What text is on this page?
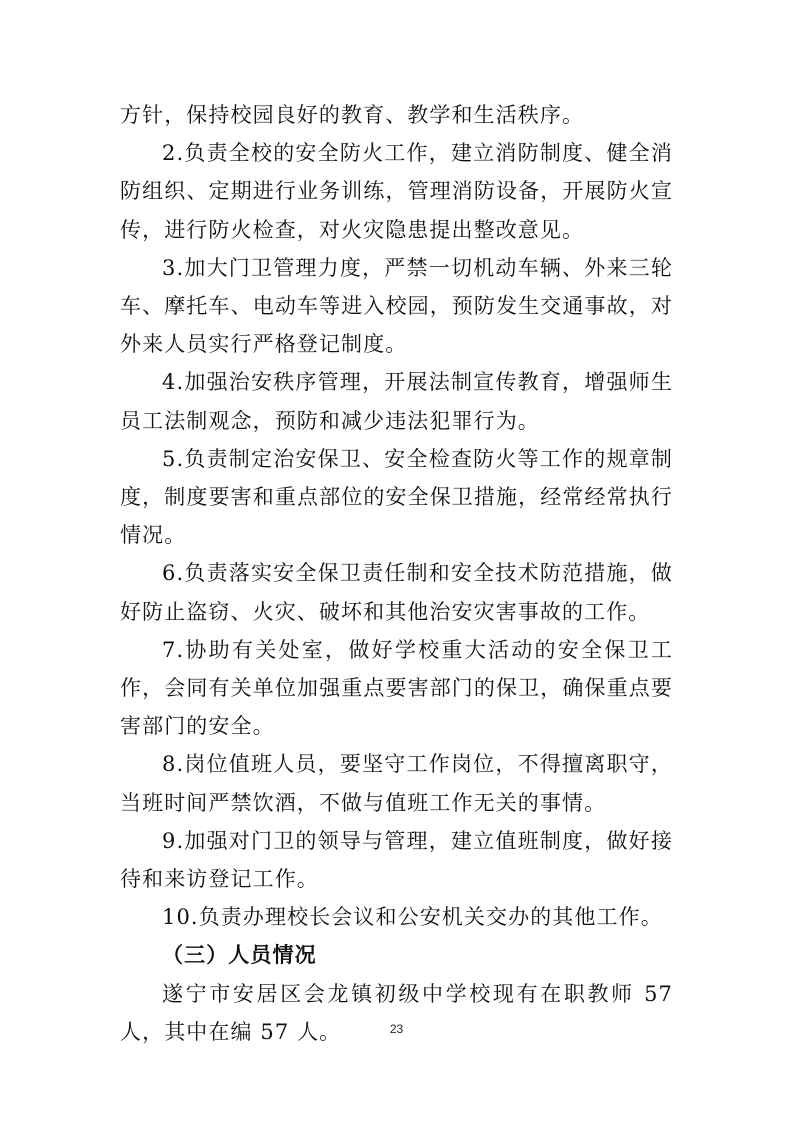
方针，保持校园良好的教育、教学和生活秩序。

2.负责全校的安全防火工作，建立消防制度、健全消防组织、定期进行业务训练，管理消防设备，开展防火宣传，进行防火检查，对火灾隐患提出整改意见。

3.加大门卫管理力度，严禁一切机动车辆、外来三轮车、摩托车、电动车等进入校园，预防发生交通事故，对外来人员实行严格登记制度。

4.加强治安秩序管理，开展法制宣传教育，增强师生员工法制观念，预防和减少违法犯罪行为。

5.负责制定治安保卫、安全检查防火等工作的规章制度，制度要害和重点部位的安全保卫措施，经常经常执行情况。

6.负责落实安全保卫责任制和安全技术防范措施，做好防止盗窃、火灾、破坏和其他治安灾害事故的工作。

7.协助有关处室，做好学校重大活动的安全保卫工作，会同有关单位加强重点要害部门的保卫，确保重点要害部门的安全。

8.岗位值班人员，要坚守工作岗位，不得擅离职守，当班时间严禁饮酒，不做与值班工作无关的事情。

9.加强对门卫的领导与管理，建立值班制度，做好接待和来访登记工作。

10.负责办理校长会议和公安机关交办的其他工作。

（三）人员情况

遂宁市安居区会龙镇初级中学校现有在职教师 57 人，其中在编 57 人。	23
